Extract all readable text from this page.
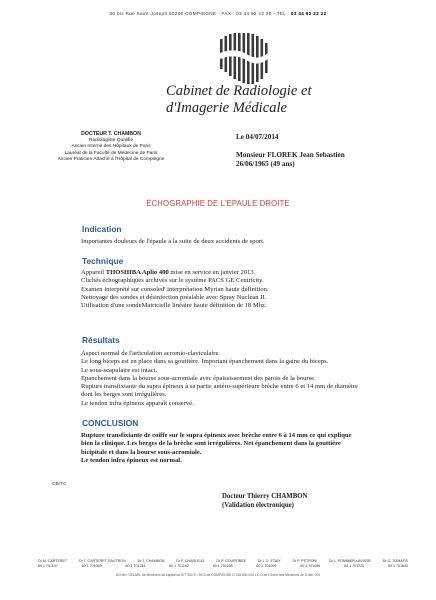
86 bis Rue Saint Joseph 60200 COMPIEGNE - FAX : 03 44 92 22 20 - TEL : 03 44 92 22 22
Cabinet de Radiologie et
d'Imagerie Médicale
DOCTEUR T. CHAMBON
Radiologiste Qualifié
Ancien Interne des Hôpitaux de Paris
Lauréat de la Faculté de Médecine de Paris
Ancien Praticien Attaché à l'Hôpital de Compiègne
Le 04/07/2014
Monsieur FLOREK Jean Sebastien
26/06/1965 (49 ans)
ÉCHOGRAPHIE DE L'EPAULE DROITE
Indication

Importantes douleurs de l'épaule à la suite de deux accidents de sport.

Technique

Appareil THOSHIBA Aplio 400 mise en service en janvier 2013.

Clichés échographiques archivés sur le système PACS GE Centricity.

Examen interprété sur consoled' interprétation Myrian haute définition.

Nettoyage des sondes et désinfection préalable avec Spray Nucléan II.

Utilisation d'une sondeMatricielle linéaire haute définition de 18 Mhz.

Résultats

Aspect normal de l'articulation acromio-claviculaire.

Le long biceps est en place dans sa gouttière. Important épanchement dans la gaine du biceps.

Le sous-scapulaire est intact.

Epanchement dans la bourse sous-acromiale avec épaississement des parois de la bourse.

Rupture transfixiante du supra épineux à sa partie antéro-supérieure brèche entre 6 et 14 mm de diamètre

dont les berges sont irrégulières.

Le tendon infra épineux apparaît conservé.

CONCLUSION

Rupture transfixiante de coiffe sur le supra épineux avec brèche entre 6 à 14 mm ce qui explique

bien la clinique. Les berges de la brèche sont irrégulières. Net épanchement dans la gouttière

bicipitale et dans la bourse sous-acromiale.

Le tendon infra épineux est normal.

CB/TC
Docteur Thierry CHAMBON
(Validation électronique)
Dr M. CARTERET	Dr T. CARTERET GAUTRON	Dr T. CHAMBON	Dr F. CHARLEUX	Dr P. COURTIBEE	Dr L.O. ETAIX	Dr P. PETRONI	Dr L. POMMIER-LAVISSE	Dr G. TOMATIS
60 1 701147	60 1 701069	60 1 701154	60 1 701162	60 1 701168	60 1 701099	60 1 701086	60 1 701723	60 1 701640
ACNM • SELARL de Médecins au capital de 577 500 € • RCS de COMPIEGNE D 318 800 000 • C.O.de l'Ordre des Médecins de l'Oise: 001
